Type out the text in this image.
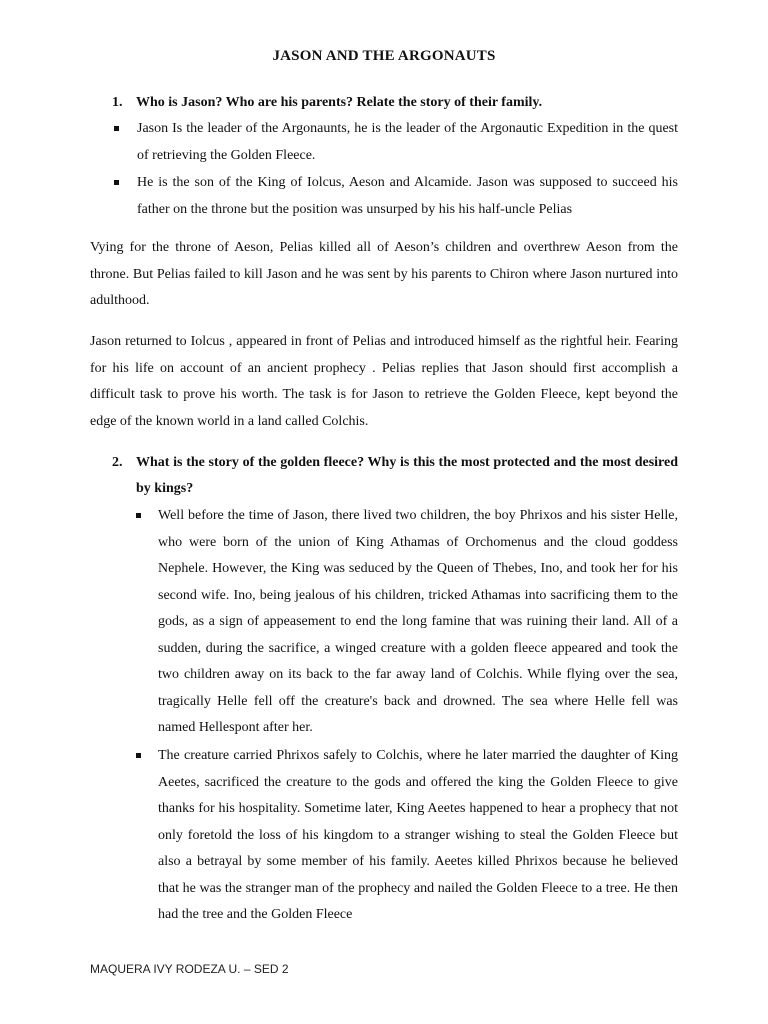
JASON AND THE ARGONAUTS
1. Who is Jason? Who are his parents? Relate the story of their family.
Jason Is the leader of the Argonaunts, he is the leader of the Argonautic Expedition in the quest of retrieving the Golden Fleece.
He is the son of the King of Iolcus, Aeson and Alcamide. Jason was supposed to succeed his father on the throne but the position was unsurped by his his half-uncle Pelias
Vying for the throne of Aeson, Pelias killed all of Aeson’s children and overthrew Aeson from the throne. But Pelias failed to kill Jason and he was sent by his parents to Chiron where Jason nurtured into adulthood.
Jason returned to Iolcus , appeared in front of Pelias and introduced himself as the rightful heir. Fearing for his life on account of an ancient prophecy . Pelias replies that Jason should first accomplish a difficult task to prove his worth. The task is for Jason to retrieve the Golden Fleece, kept beyond the edge of the known world in a land called Colchis.
2. What is the story of the golden fleece? Why is this the most protected and the most desired by kings?
Well before the time of Jason, there lived two children, the boy Phrixos and his sister Helle, who were born of the union of King Athamas of Orchomenus and the cloud goddess Nephele. However, the King was seduced by the Queen of Thebes, Ino, and took her for his second wife. Ino, being jealous of his children, tricked Athamas into sacrificing them to the gods, as a sign of appeasement to end the long famine that was ruining their land. All of a sudden, during the sacrifice, a winged creature with a golden fleece appeared and took the two children away on its back to the far away land of Colchis. While flying over the sea, tragically Helle fell off the creature's back and drowned. The sea where Helle fell was named Hellespont after her.
The creature carried Phrixos safely to Colchis, where he later married the daughter of King Aeetes, sacrificed the creature to the gods and offered the king the Golden Fleece to give thanks for his hospitality. Sometime later, King Aeetes happened to hear a prophecy that not only foretold the loss of his kingdom to a stranger wishing to steal the Golden Fleece but also a betrayal by some member of his family. Aeetes killed Phrixos because he believed that he was the stranger man of the prophecy and nailed the Golden Fleece to a tree. He then had the tree and the Golden Fleece
MAQUERA IVY RODEZA U. – SED 2
